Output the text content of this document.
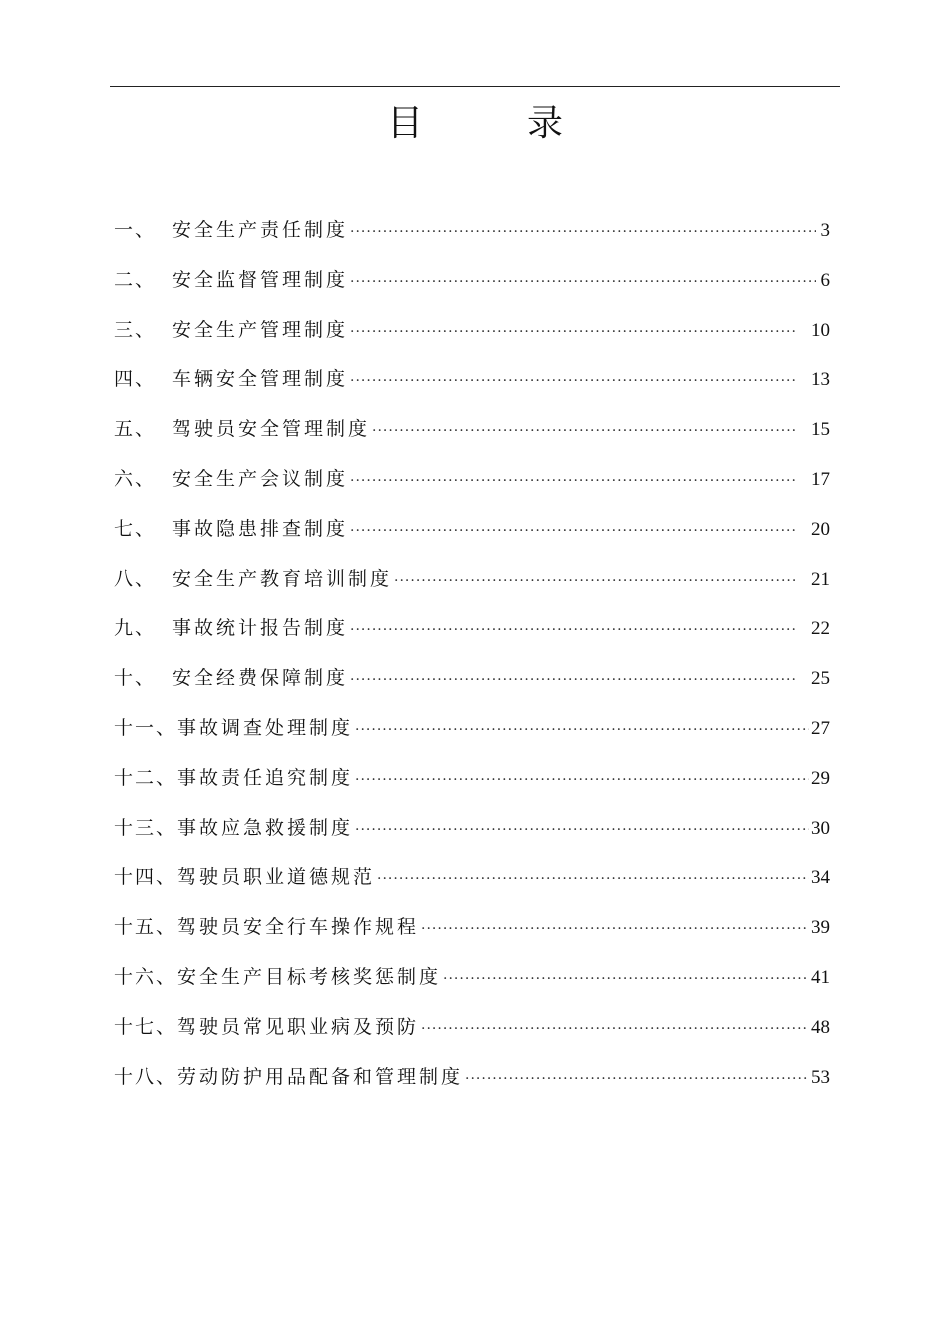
目	录
一、 安全生产责任制度 ·····	3
二、 安全监督管理制度 ·····	6
三、 安全生产管理制度 ·····	10
四、 车辆安全管理制度 ·····	13
五、 驾驶员安全管理制度 ·····	15
六、 安全生产会议制度 ·····	17
七、 事故隐患排查制度 ·····	20
八、 安全生产教育培训制度 ·····	21
九、 事故统计报告制度 ·····	22
十、 安全经费保障制度 ·····	25
十一、 事故调查处理制度 ·····	27
十二、 事故责任追究制度 ·····	29
十三、 事故应急救援制度 ·····	30
十四、 驾驶员职业道德规范 ·····	34
十五、 驾驶员安全行车操作规程 ·····	39
十六、 安全生产目标考核奖惩制度 ·····	41
十七、 驾驶员常见职业病及预防 ·····	48
十八、 劳动防护用品配备和管理制度 ·····	53
